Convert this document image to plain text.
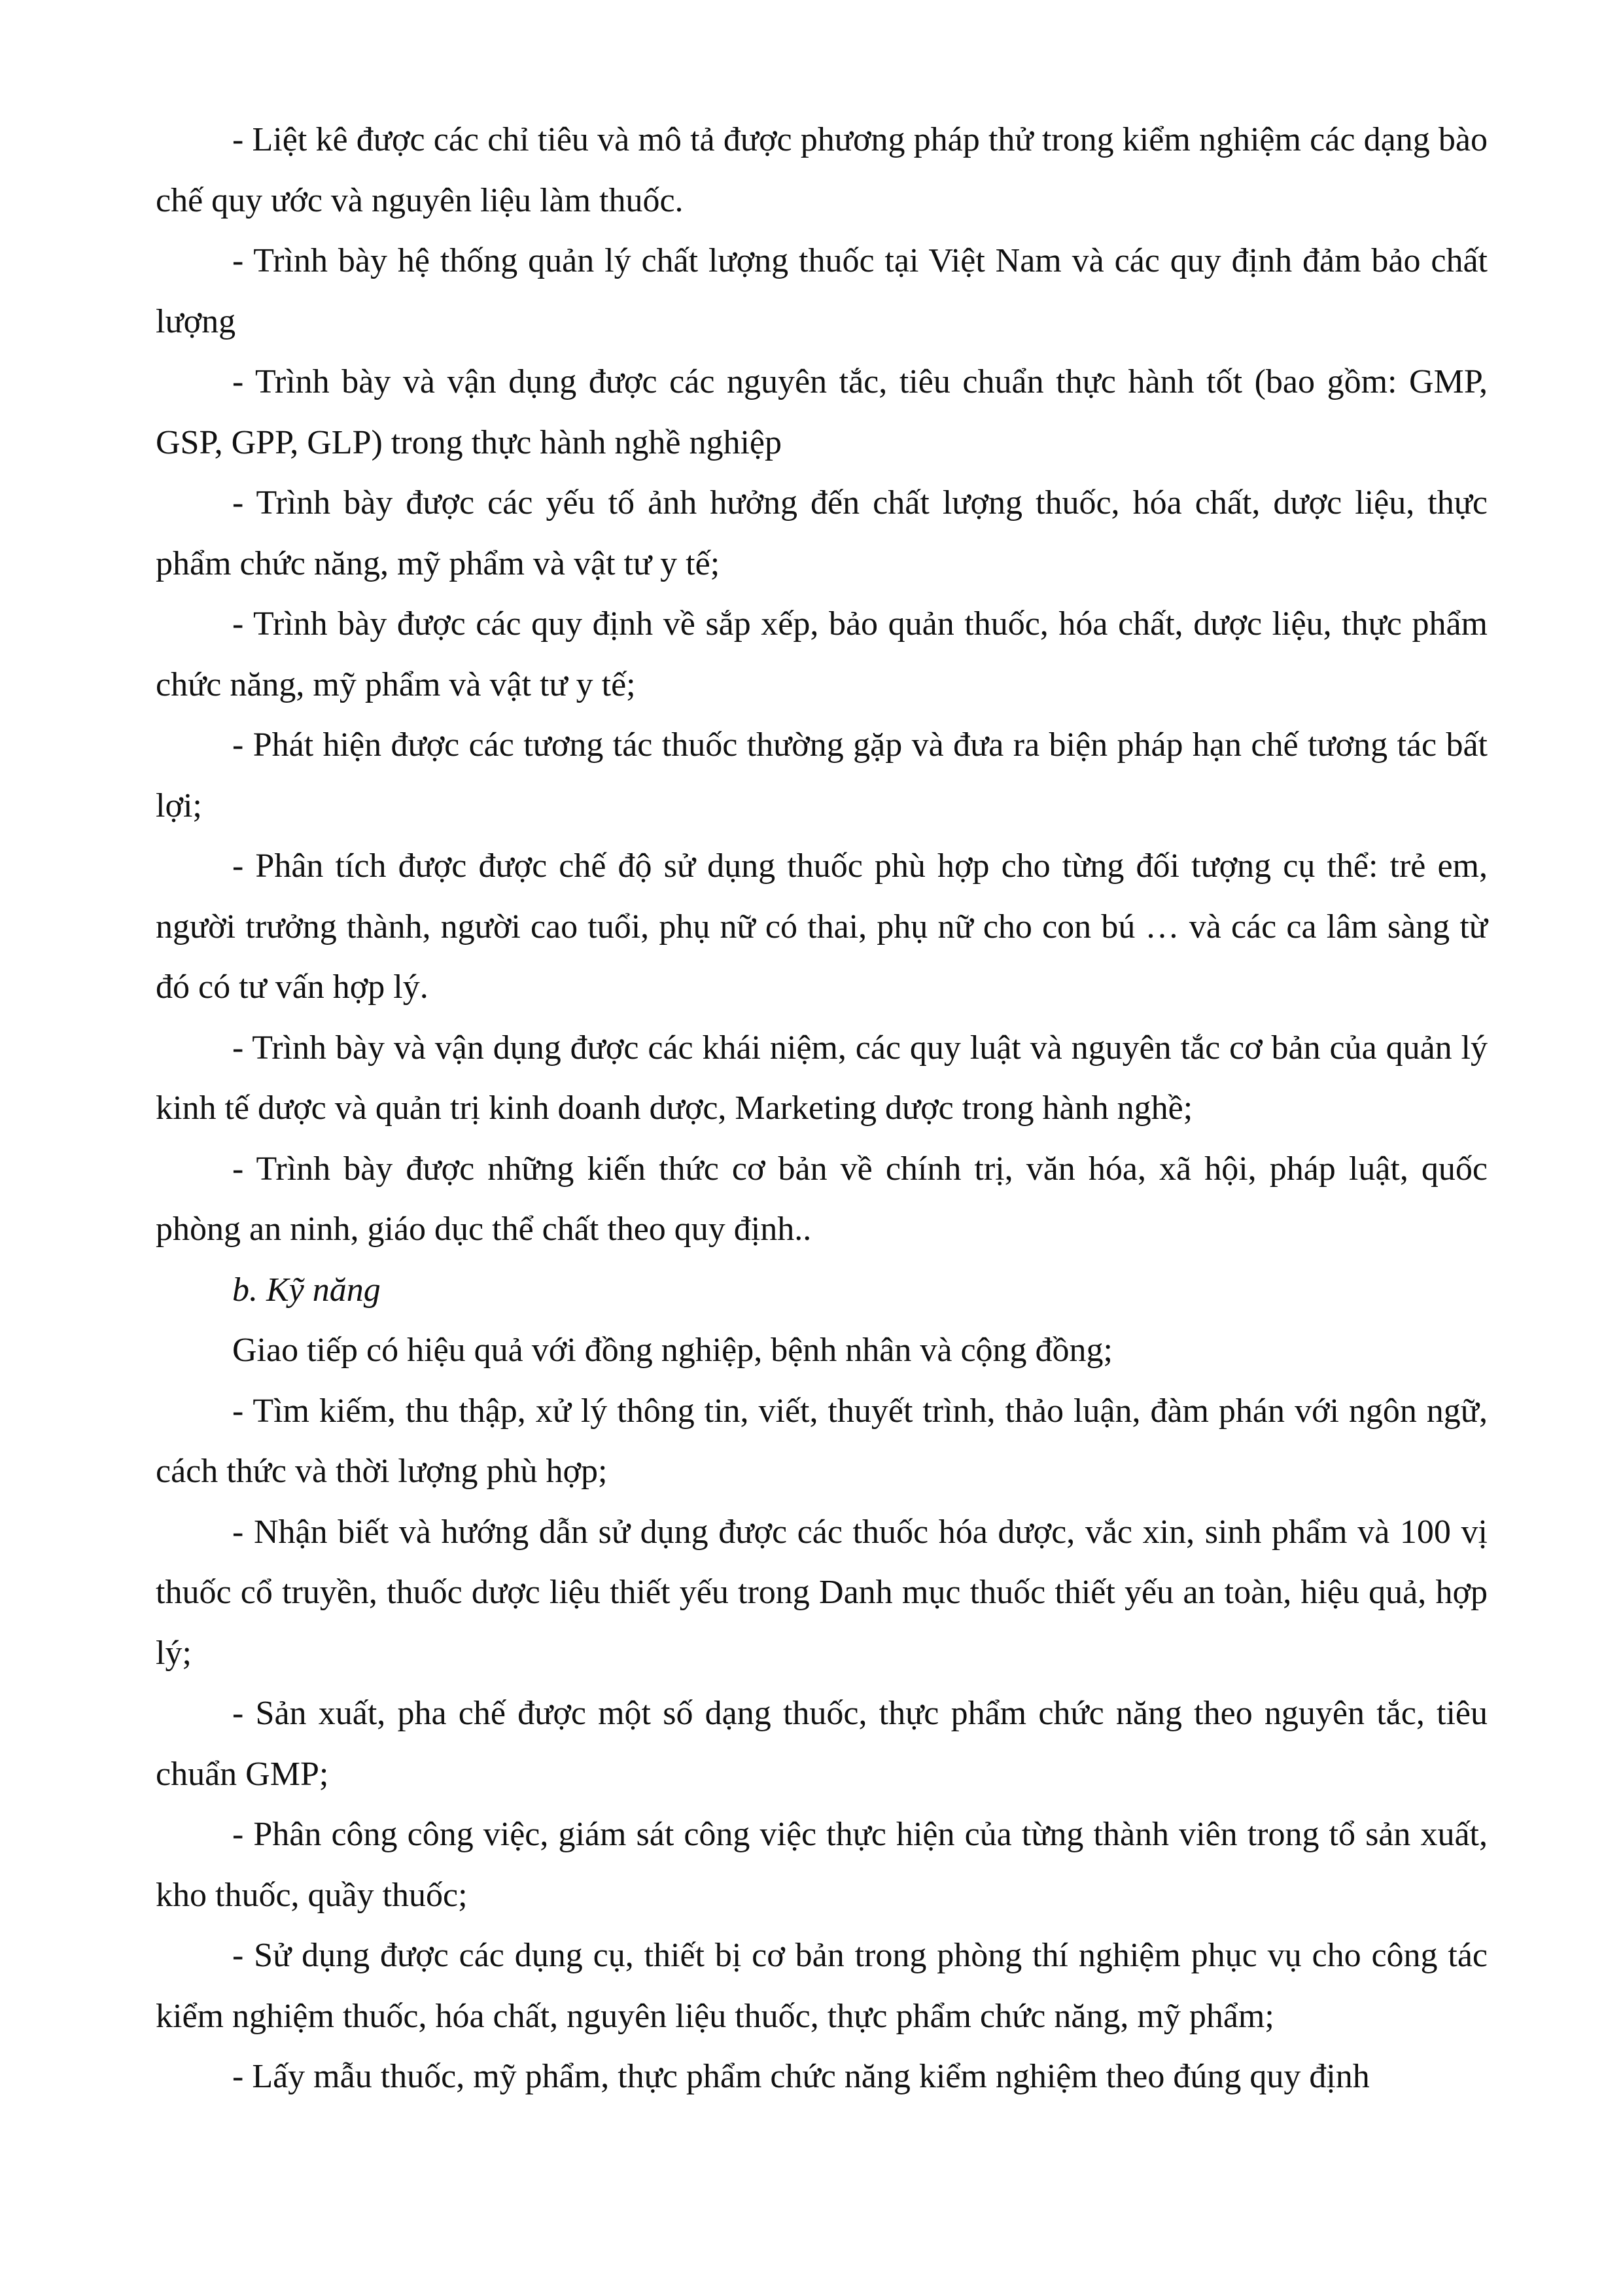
- Liệt kê được các chỉ tiêu và mô tả được phương pháp thử trong kiểm nghiệm các dạng bào chế quy ước và nguyên liệu làm thuốc.

- Trình bày hệ thống quản lý chất lượng thuốc tại Việt Nam và các quy định đảm bảo chất lượng

- Trình bày và vận dụng được các nguyên tắc, tiêu chuẩn thực hành tốt (bao gồm: GMP, GSP, GPP, GLP) trong thực hành nghề nghiệp

- Trình bày được các yếu tố ảnh hưởng đến chất lượng thuốc, hóa chất, dược liệu, thực phẩm chức năng, mỹ phẩm và vật tư y tế;

- Trình bày được các quy định về sắp xếp, bảo quản thuốc, hóa chất, dược liệu, thực phẩm chức năng, mỹ phẩm và vật tư y tế;

- Phát hiện được các tương tác thuốc thường gặp và đưa ra biện pháp hạn chế tương tác bất lợi;

- Phân tích được được chế độ sử dụng thuốc phù hợp cho từng đối tượng cụ thể: trẻ em, người trưởng thành, người cao tuổi, phụ nữ có thai, phụ nữ cho con bú … và các ca lâm sàng từ đó có tư vấn hợp lý.

- Trình bày và vận dụng được các khái niệm, các quy luật và nguyên tắc cơ bản của quản lý kinh tế dược và quản trị kinh doanh dược, Marketing dược trong hành nghề;

- Trình bày được những kiến thức cơ bản về chính trị, văn hóa, xã hội, pháp luật, quốc phòng an ninh, giáo dục thể chất theo quy định..

b. Kỹ năng

Giao tiếp có hiệu quả với đồng nghiệp, bệnh nhân và cộng đồng;

- Tìm kiếm, thu thập, xử lý thông tin, viết, thuyết trình, thảo luận, đàm phán với ngôn ngữ, cách thức và thời lượng phù hợp;

- Nhận biết và hướng dẫn sử dụng được các thuốc hóa dược, vắc xin, sinh phẩm và 100 vị thuốc cổ truyền, thuốc dược liệu thiết yếu trong Danh mục thuốc thiết yếu an toàn, hiệu quả, hợp lý;

- Sản xuất, pha chế được một số dạng thuốc, thực phẩm chức năng theo nguyên tắc, tiêu chuẩn GMP;

- Phân công công việc, giám sát công việc thực hiện của từng thành viên trong tổ sản xuất, kho thuốc, quầy thuốc;

- Sử dụng được các dụng cụ, thiết bị cơ bản trong phòng thí nghiệm phục vụ cho công tác kiểm nghiệm thuốc, hóa chất, nguyên liệu thuốc, thực phẩm chức năng, mỹ phẩm;

- Lấy mẫu thuốc, mỹ phẩm, thực phẩm chức năng kiểm nghiệm theo đúng quy định
